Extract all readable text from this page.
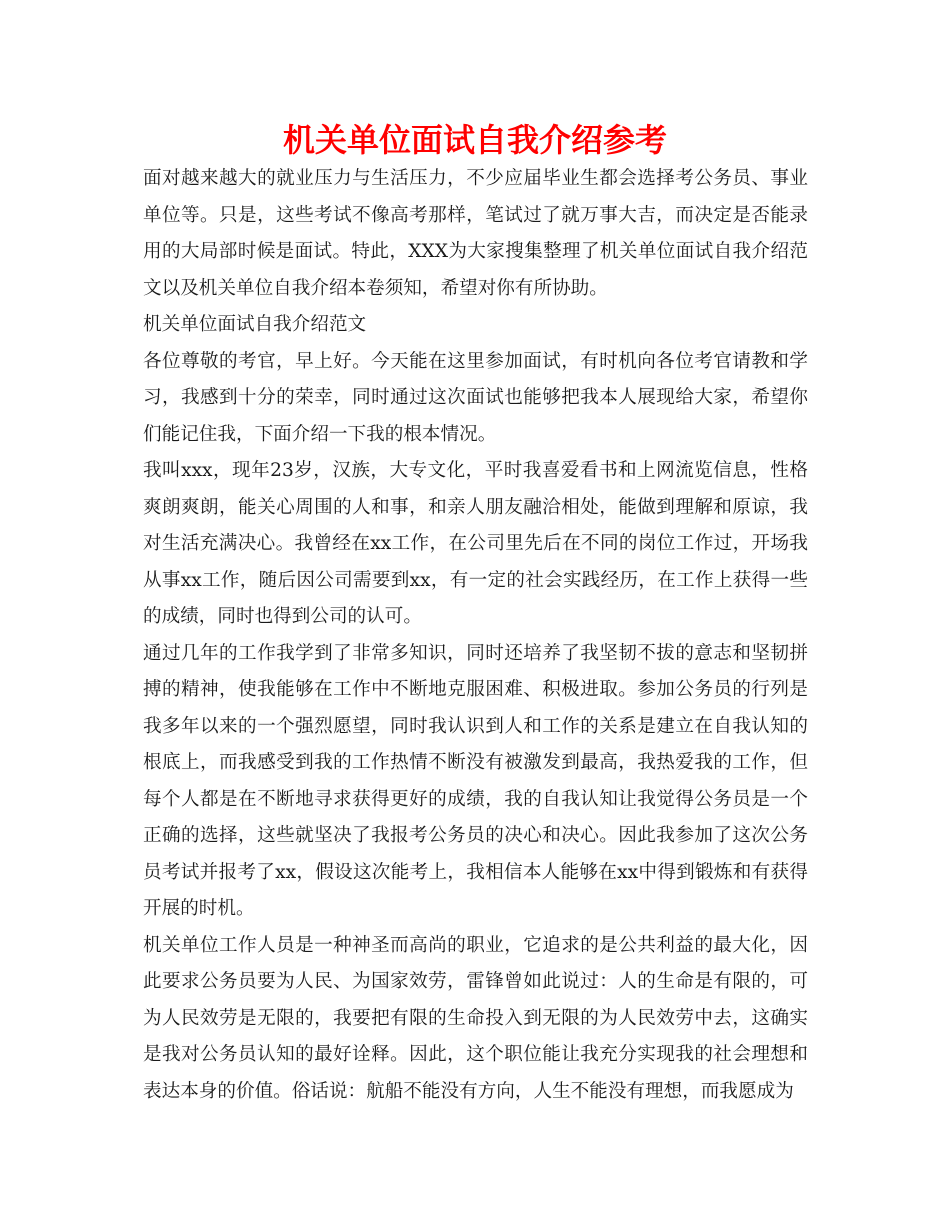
机关单位面试自我介绍参考

面对越来越大的就业压力与生活压力，不少应届毕业生都会选择考公务员、事业单位等。只是，这些考试不像高考那样，笔试过了就万事大吉，而决定是否能录用的大局部时候是面试。特此，XXX为大家搜集整理了机关单位面试自我介绍范文以及机关单位自我介绍本卷须知，希望对你有所协助。

机关单位面试自我介绍范文

各位尊敬的考官，早上好。今天能在这里参加面试，有时机向各位考官请教和学习，我感到十分的荣幸，同时通过这次面试也能够把我本人展现给大家，希望你们能记住我，下面介绍一下我的根本情况。

我叫xxx，现年23岁，汉族，大专文化，平时我喜爱看书和上网流览信息，性格爽朗爽朗，能关心周围的人和事，和亲人朋友融洽相处，能做到理解和原谅，我对生活充满决心。我曾经在xx工作，在公司里先后在不同的岗位工作过，开场我从事xx工作，随后因公司需要到xx，有一定的社会实践经历，在工作上获得一些的成绩，同时也得到公司的认可。

通过几年的工作我学到了非常多知识，同时还培养了我坚韧不拔的意志和坚韧拼搏的精神，使我能够在工作中不断地克服困难、积极进取。参加公务员的行列是我多年以来的一个强烈愿望，同时我认识到人和工作的关系是建立在自我认知的根底上，而我感受到我的工作热情不断没有被激发到最高，我热爱我的工作，但每个人都是在不断地寻求获得更好的成绩，我的自我认知让我觉得公务员是一个正确的选择，这些就坚决了我报考公务员的决心和决心。因此我参加了这次公务员考试并报考了xx，假设这次能考上，我相信本人能够在xx中得到锻炼和有获得开展的时机。

机关单位工作人员是一种神圣而高尚的职业，它追求的是公共利益的最大化，因此要求公务员要为人民、为国家效劳，雷锋曾如此说过：人的生命是有限的，可为人民效劳是无限的，我要把有限的生命投入到无限的为人民效劳中去，这确实是我对公务员认知的最好诠释。因此，这个职位能让我充分实现我的社会理想和表达本身的价值。俗话说：航船不能没有方向，人生不能没有理想，而我愿成为
